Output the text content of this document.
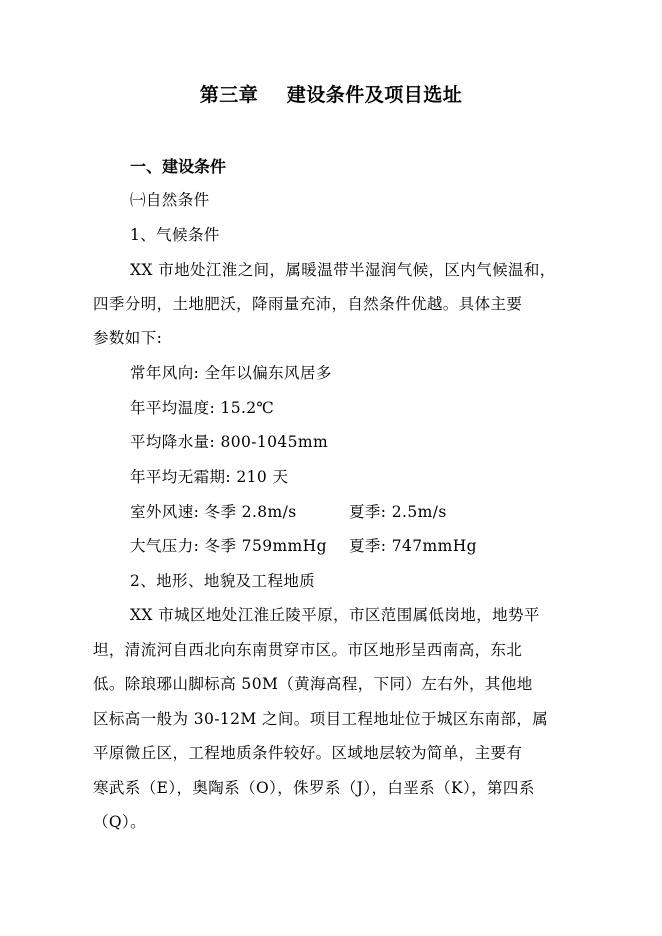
第三章    建设条件及项目选址
一、建设条件
㈠自然条件
1、气候条件
XX 市地处江淮之间，属暖温带半湿润气候，区内气候温和，
四季分明，土地肥沃，降雨量充沛，自然条件优越。具体主要
参数如下:
常年风向: 全年以偏东风居多
年平均温度: 15.2℃
平均降水量: 800-1045mm
年平均无霜期: 210 天
室外风速: 冬季 2.8m/s	夏季: 2.5m/s
大气压力: 冬季 759mmHg 夏季: 747mmHg
2、地形、地貌及工程地质
XX 市城区地处江淮丘陵平原，市区范围属低岗地，地势平
坦，清流河自西北向东南贯穿市区。市区地形呈西南高，东北
低。除琅琊山脚标高 50M（黄海高程，下同）左右外，其他地
区标高一般为 30-12M 之间。项目工程地址位于城区东南部，属
平原微丘区，工程地质条件较好。区域地层较为简单，主要有
寒武系（E），奥陶系（O），侏罗系（J），白垩系（K），第四系
（Q）。
